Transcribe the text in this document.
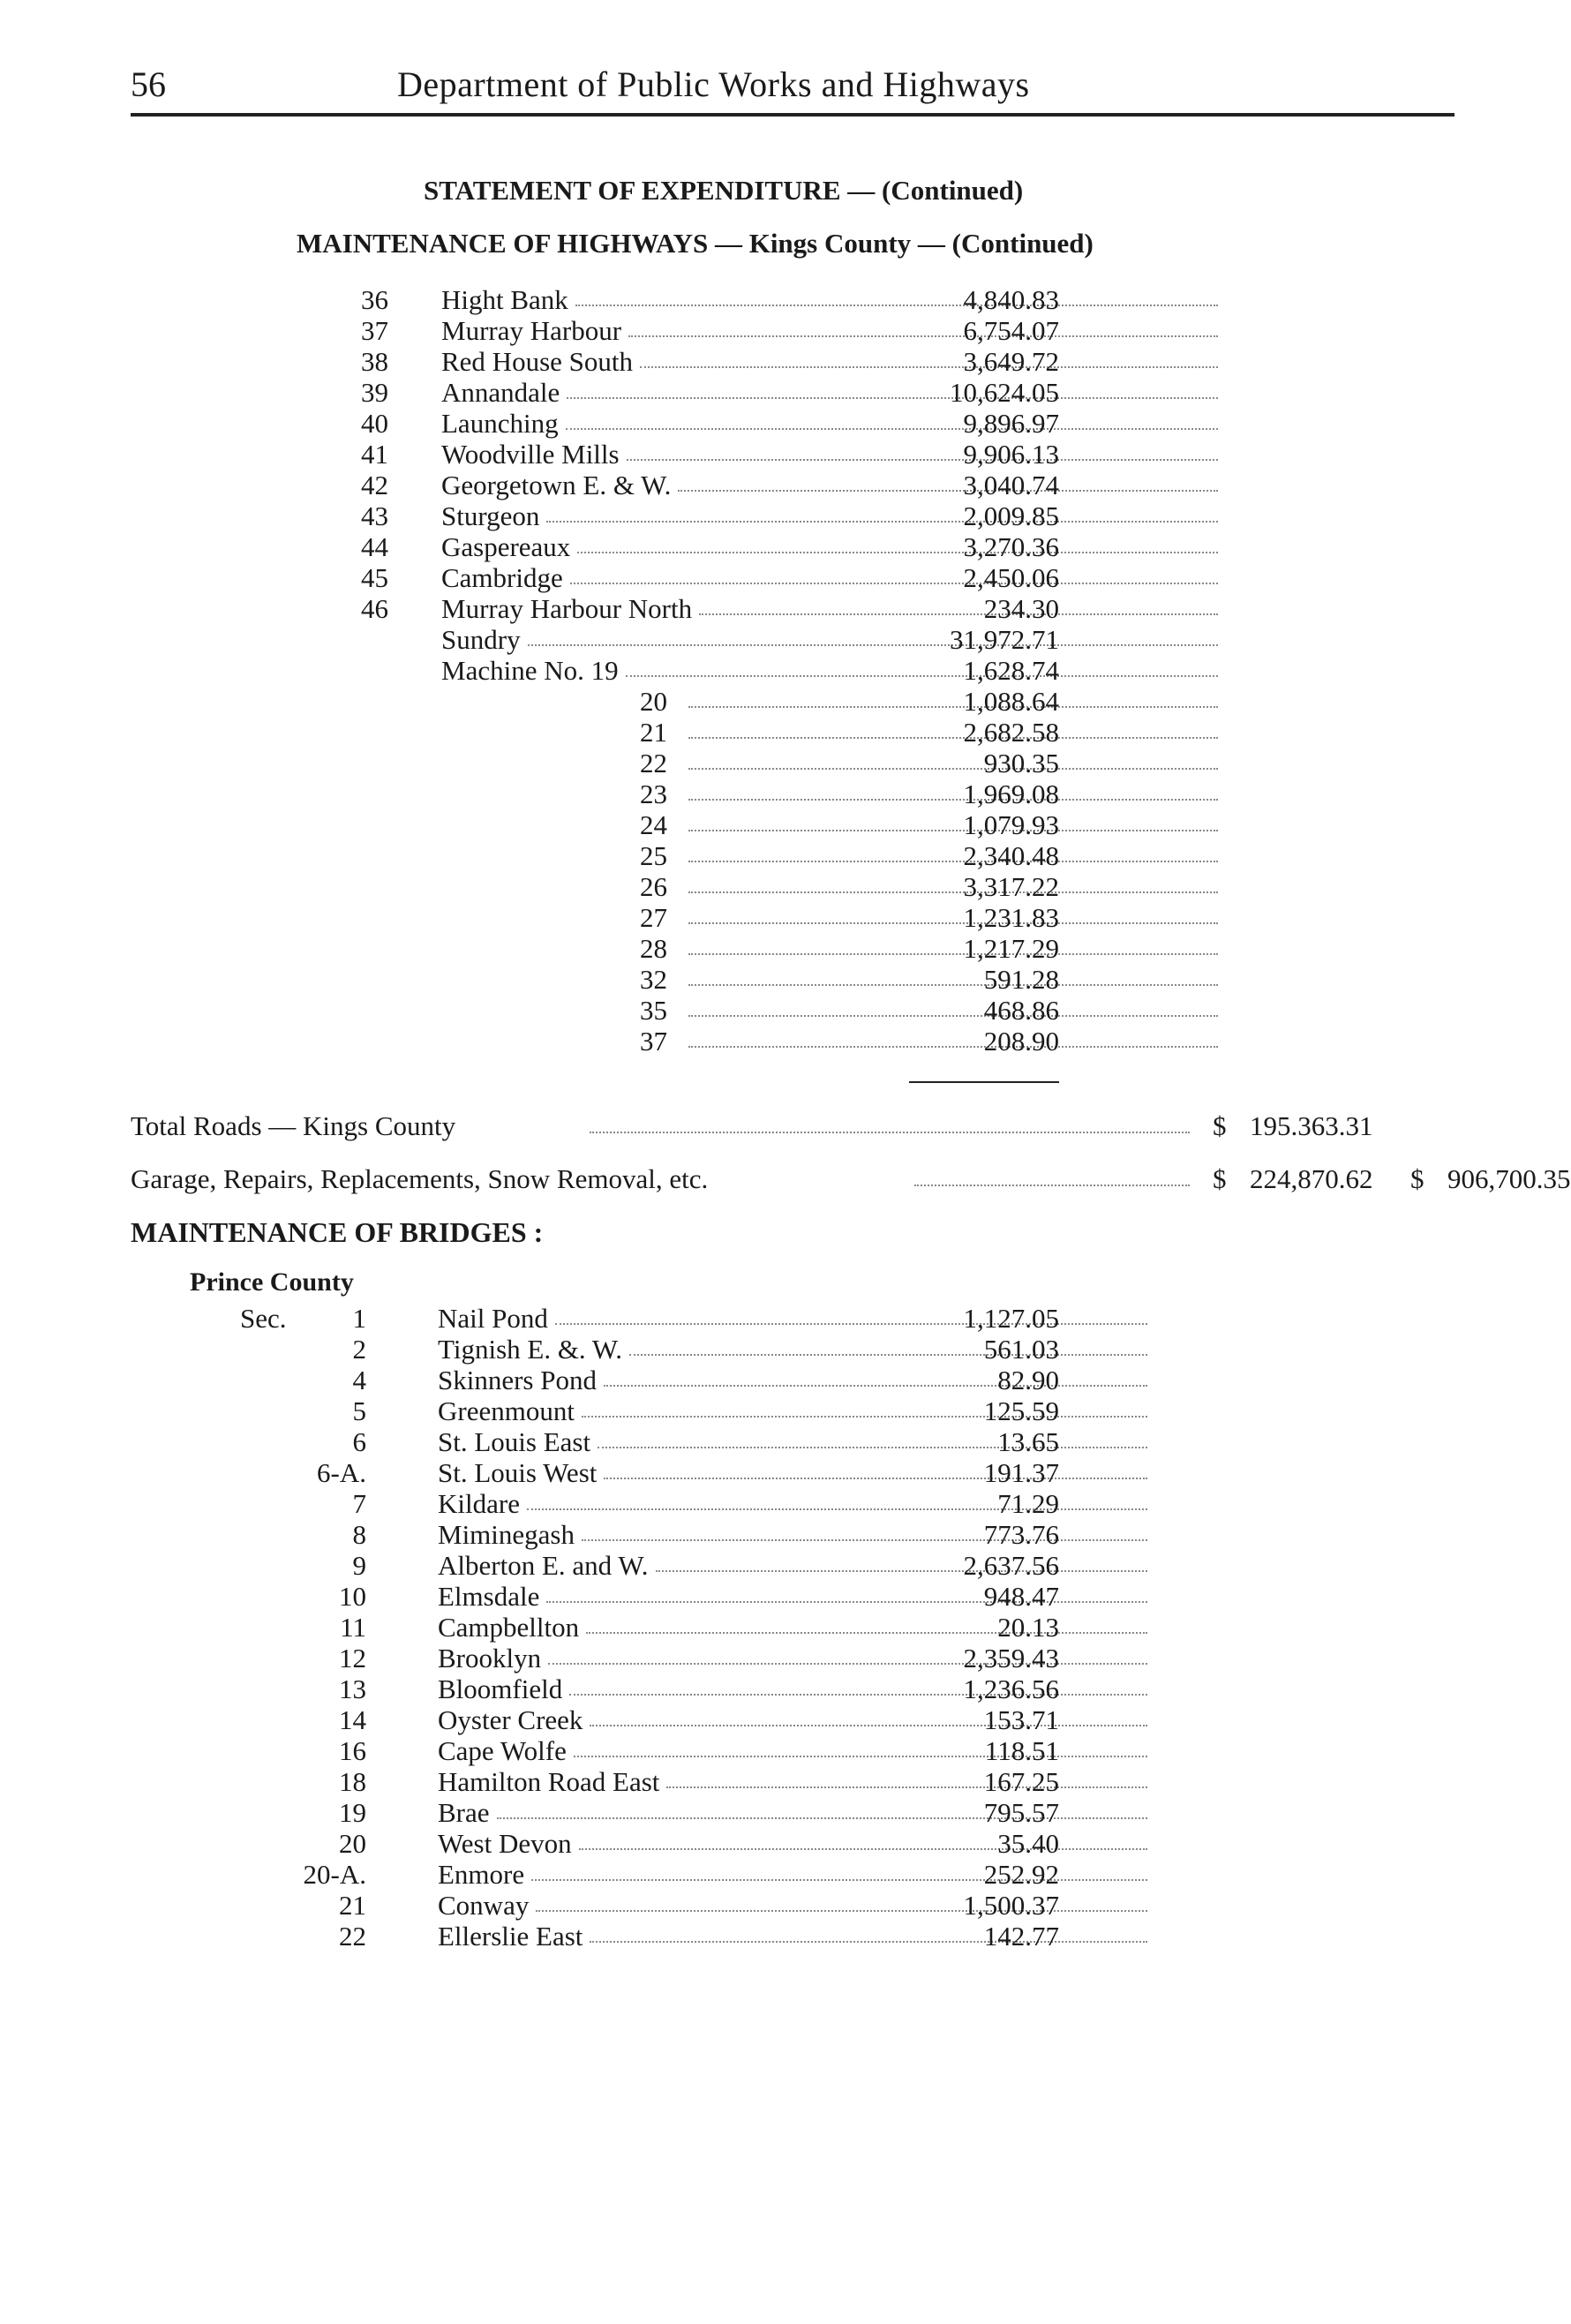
56	Department of Public Works and Highways
STATEMENT OF EXPENDITURE — (Continued)
MAINTENANCE OF HIGHWAYS — Kings County — (Continued)
36 Hight Bank	4,840.83
37 Murray Harbour	6,754.07
38 Red House South	3,649.72
39 Annandale	10,624.05
40 Launching	9,896.97
41 Woodville Mills	9,906.13
42 Georgetown E. & W.	3,040.74
43 Sturgeon	2,009.85
44 Gaspereaux	3,270.36
45 Cambridge	2,450.06
46 Murray Harbour North	234.30
Sundry	31,972.71
Machine No. 19	1,628.74
20	1,088.64
21	2,682.58
22	930.35
23	1,969.08
24	1,079.93
25	2,340.48
26	3,317.22
27	1,231.83
28	1,217.29
32	591.28
35	468.86
37	208.90
Total Roads — Kings County	$ 195.363.31
Garage, Repairs, Replacements, Snow Removal, etc.	$ 224,870.62 $ 906,700.35
MAINTENANCE OF BRIDGES :
Prince County
1	Nail Pond	1,127.05
2	Tignish E. &. W.	561.03
4	Skinners Pond	82.90
5	Greenmount	125.59
6	St. Louis East	13.65
6-A.	St. Louis West	191.37
7	Kildare	71.29
8	Miminegash	773.76
9	Alberton E. and W.	2,637.56
10	Elmsdale	948.47
11	Campbellton	20.13
12	Brooklyn	2,359.43
13	Bloomfield	1,236.56
14	Oyster Creek	153.71
16	Cape Wolfe	118.51
18	Hamilton Road East	167.25
19	Brae	795.57
20	West Devon	35.40
20-A.	Enmore	252.92
21	Conway	1,500.37
22	Ellerslie East	142.77
Sec.
